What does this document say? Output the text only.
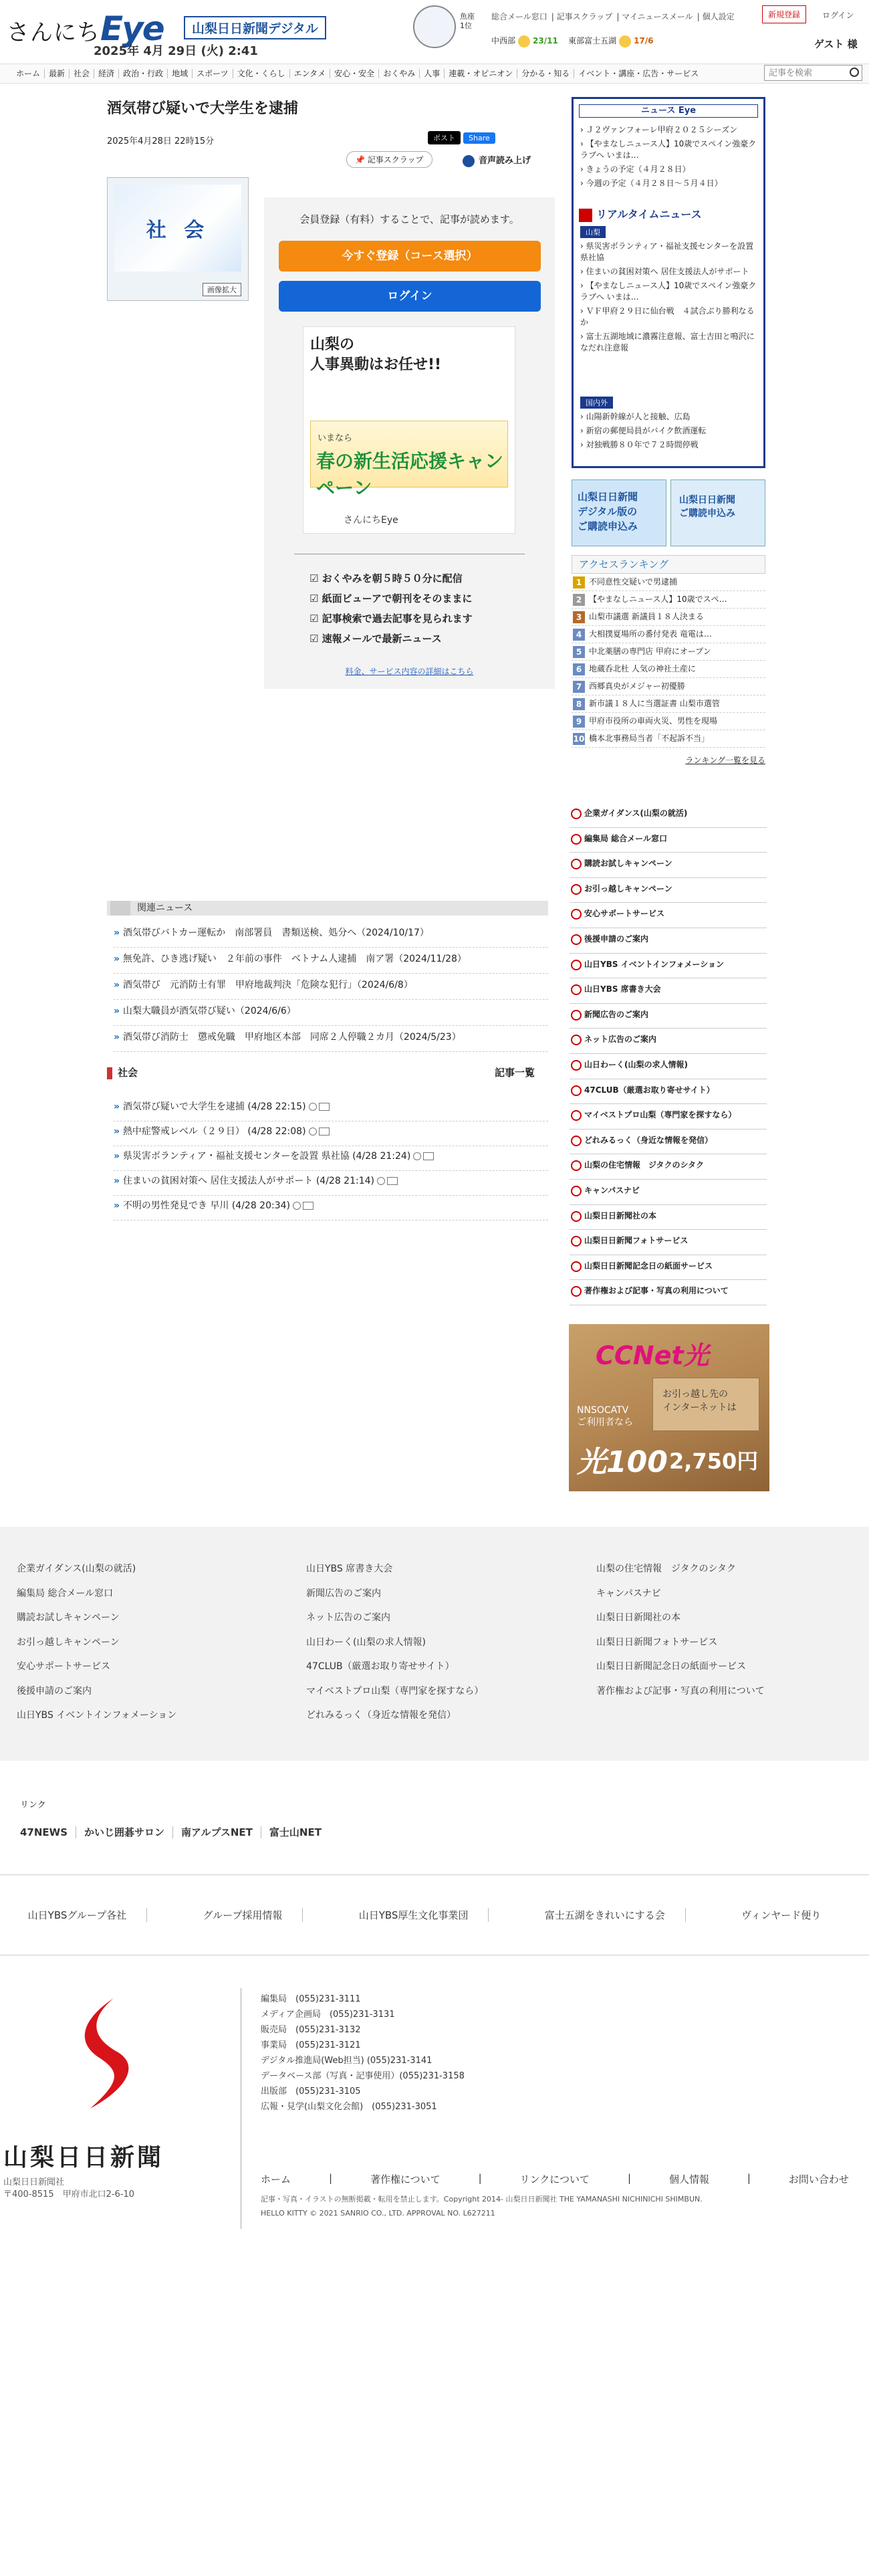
さんにちEye	山梨日日新聞デジタル
2025年 4月 29日 (火) 2:41
魚座
1位
総合メール窓口 | 記事スクラップ | マイニュースメール | 個人設定	新規登録	ログイン
中西部 23/11 東部富士五湖 17/6	ゲスト 様
ホーム	最新	社会	経済	政治・行政	地域	スポーツ	文化・くらし	エンタメ	安心・安全	おくやみ	人事	連載・オピニオン	分かる・知る	イベント・講座・広告・サービス
記事を検索
酒気帯び疑いで大学生を逮捕
2025年4月28日 22時15分	ポスト Share
📌 記事スクラップ	音声読み上げ
社 会
画像拡大
会員登録（有料）することで、記事が読めます。
今すぐ登録（コース選択）
ログイン
山梨の
人事異動はお任せ!!
いまなら
春の新生活応援キャンペーン
さんにちEye
☑ おくやみを朝５時５０分に配信
☑ 紙面ビューアで朝刊をそのままに
☑ 記事検索で過去記事を見られます
☑ 速報メールで最新ニュース
料金、サービス内容の詳細はこちら
関連ニュース
» 酒気帯びバトカー運転か　南部署員　書類送検、処分へ（2024/10/17）
» 無免許、ひき逃げ疑い　２年前の事件　ベトナム人逮捕　南ア署（2024/11/28）
» 酒気帯び　元消防士有罪　甲府地裁判決「危険な犯行」（2024/6/8）
» 山梨大職員が酒気帯び疑い（2024/6/6）
» 酒気帯び消防士　懲戒免職　甲府地区本部　同席２人停職２カ月（2024/5/23）
社会	記事一覧
» 酒気帯び疑いで大学生を逮捕 (4/28 22:15)
» 熱中症警戒レベル（２９日） (4/28 22:08)
» 県災害ボランティア・福祉支援センターを設置 県社協 (4/28 21:24)
» 住まいの貧困対策へ 居住支援法人がサポート (4/28 21:14)
» 不明の男性発見でき 早川 (4/28 20:34)
ニュース Eye
› Ｊ２ヴァンフォーレ甲府２０２５シーズン
› 【やまなしニュース人】10歳でスペイン強豪クラブへ いまは…
› きょうの予定（４月２８日）
› 今週の予定（４月２８日～５月４日）
リアルタイムニュース
山梨
› 県災害ボランティア・福祉支援センターを設置 県社協
› 住まいの貧困対策へ 居住支援法人がサポート
› 【やまなしニュース人】10歳でスペイン強豪クラブへ いまは…
› ＶＦ甲府２９日に仙台戦　４試合ぶり勝利なるか
› 富士五湖地域に濃霧注意報、富士吉田と鳴沢になだれ注意報
国内外
› 山陽新幹線が人と接触、広島
› 新宿の郵便局員がバイク飲酒運転
› 対独戦勝８０年で７２時間停戦
山梨日日新聞
デジタル版の
ご購読申込み
山梨日日新聞
ご購読申込み
アクセスランキング
1 不同意性交疑いで男逮捕
2 【やまなしニュース人】10歳でスペ…
3 山梨市議選 新議員１８人決まる
4 大相撲夏場所の番付発表 竜電は…
5 中北薬膳の専門店 甲府にオープン
6 地蔵呑北杜 人気の神社土産に
7 西郷真央がメジャー初優勝
8 新市議１８人に当選証書 山梨市選管
9 甲府市役所の車両火災、男性を現場
10 橋本北事務局当者「不起訴不当」
ランキング一覧を見る
企業ガイダンス(山梨の就活)
編集局 総合メール窓口
購読お試しキャンペーン
お引っ越しキャンペーン
安心サポートサービス
後援申請のご案内
山日YBS イベントインフォメーション
山日YBS 席書き大会
新聞広告のご案内
ネット広告のご案内
山日わーく(山梨の求人情報)
47CLUB（厳選お取り寄せサイト）
マイベストプロ山梨（専門家を探すなら）
どれみるっく（身近な情報を発信）
山梨の住宅情報　ジタクのシタク
キャンパスナビ
山梨日日新聞社の本
山梨日日新聞フォトサービス
山梨日日新聞記念日の紙面サービス
著作権および記事・写真の利用について
CCNet光
お引っ越し先の
インターネットは
NNSOCATV
ご利用者なら
光100 2,750円
企業ガイダンス(山梨の就活)
編集局 総合メール窓口
購読お試しキャンペーン
お引っ越しキャンペーン
安心サポートサービス
後援申請のご案内
山日YBS イベントインフォメーション
山日YBS 席書き大会
新聞広告のご案内
ネット広告のご案内
山日わーく(山梨の求人情報)
47CLUB（厳選お取り寄せサイト）
マイベストプロ山梨（専門家を探すなら）
どれみるっく（身近な情報を発信）
山梨の住宅情報　ジタクのシタク
キャンパスナビ
山梨日日新聞社の本
山梨日日新聞フォトサービス
山梨日日新聞記念日の紙面サービス
著作権および記事・写真の利用について
リンク
47NEWS かいじ囲碁サロン 南アルプスNET 富士山NET
山日YBSグループ各社	グループ採用情報	山日YBS厚生文化事業団	富士五湖をきれいにする会	ヴィンヤード便り
山梨日日新聞
山梨日日新聞社
〒400-8515　甲府市北口2-6-10
編集局　(055)231-3111
メディア企画局　(055)231-3131
販売局　(055)231-3132
事業局　(055)231-3121
デジタル推進局(Web担当) (055)231-3141
データベース部（写真・記事使用）(055)231-3158
出版部　(055)231-3105
広報・見学(山梨文化会館)　(055)231-3051
ホーム	|	著作権について	|	リンクについて	|	個人情報	|	お問い合わせ
記事・写真・イラストの無断掲載・転用を禁止します。Copyright 2014- 山梨日日新聞社 THE YAMANASHI NICHINICHI SHIMBUN.
HELLO KITTY © 2021 SANRIO CO., LTD. APPROVAL NO. L627211
